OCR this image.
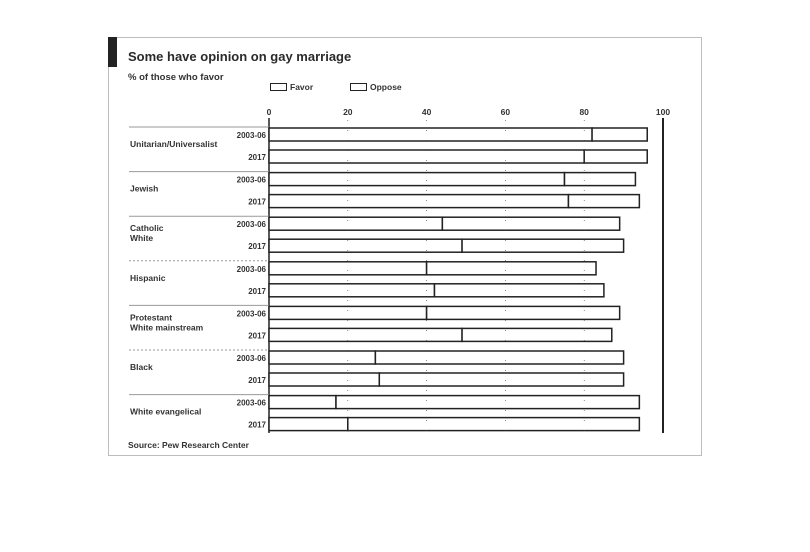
Some have opinion on gay marriage
% of those who favor
Favor	Oppose
0	20	40	60	80	100
Unitarian/Universalist
2003-06
2017
Jewish
2003-06
2017
Catholic
White
2003-06
2017
Hispanic
2003-06
2017
Protestant
White mainstream
2003-06
2017
Black
2003-06
2017
White evangelical
2003-06
2017
Source: Pew Research Center
